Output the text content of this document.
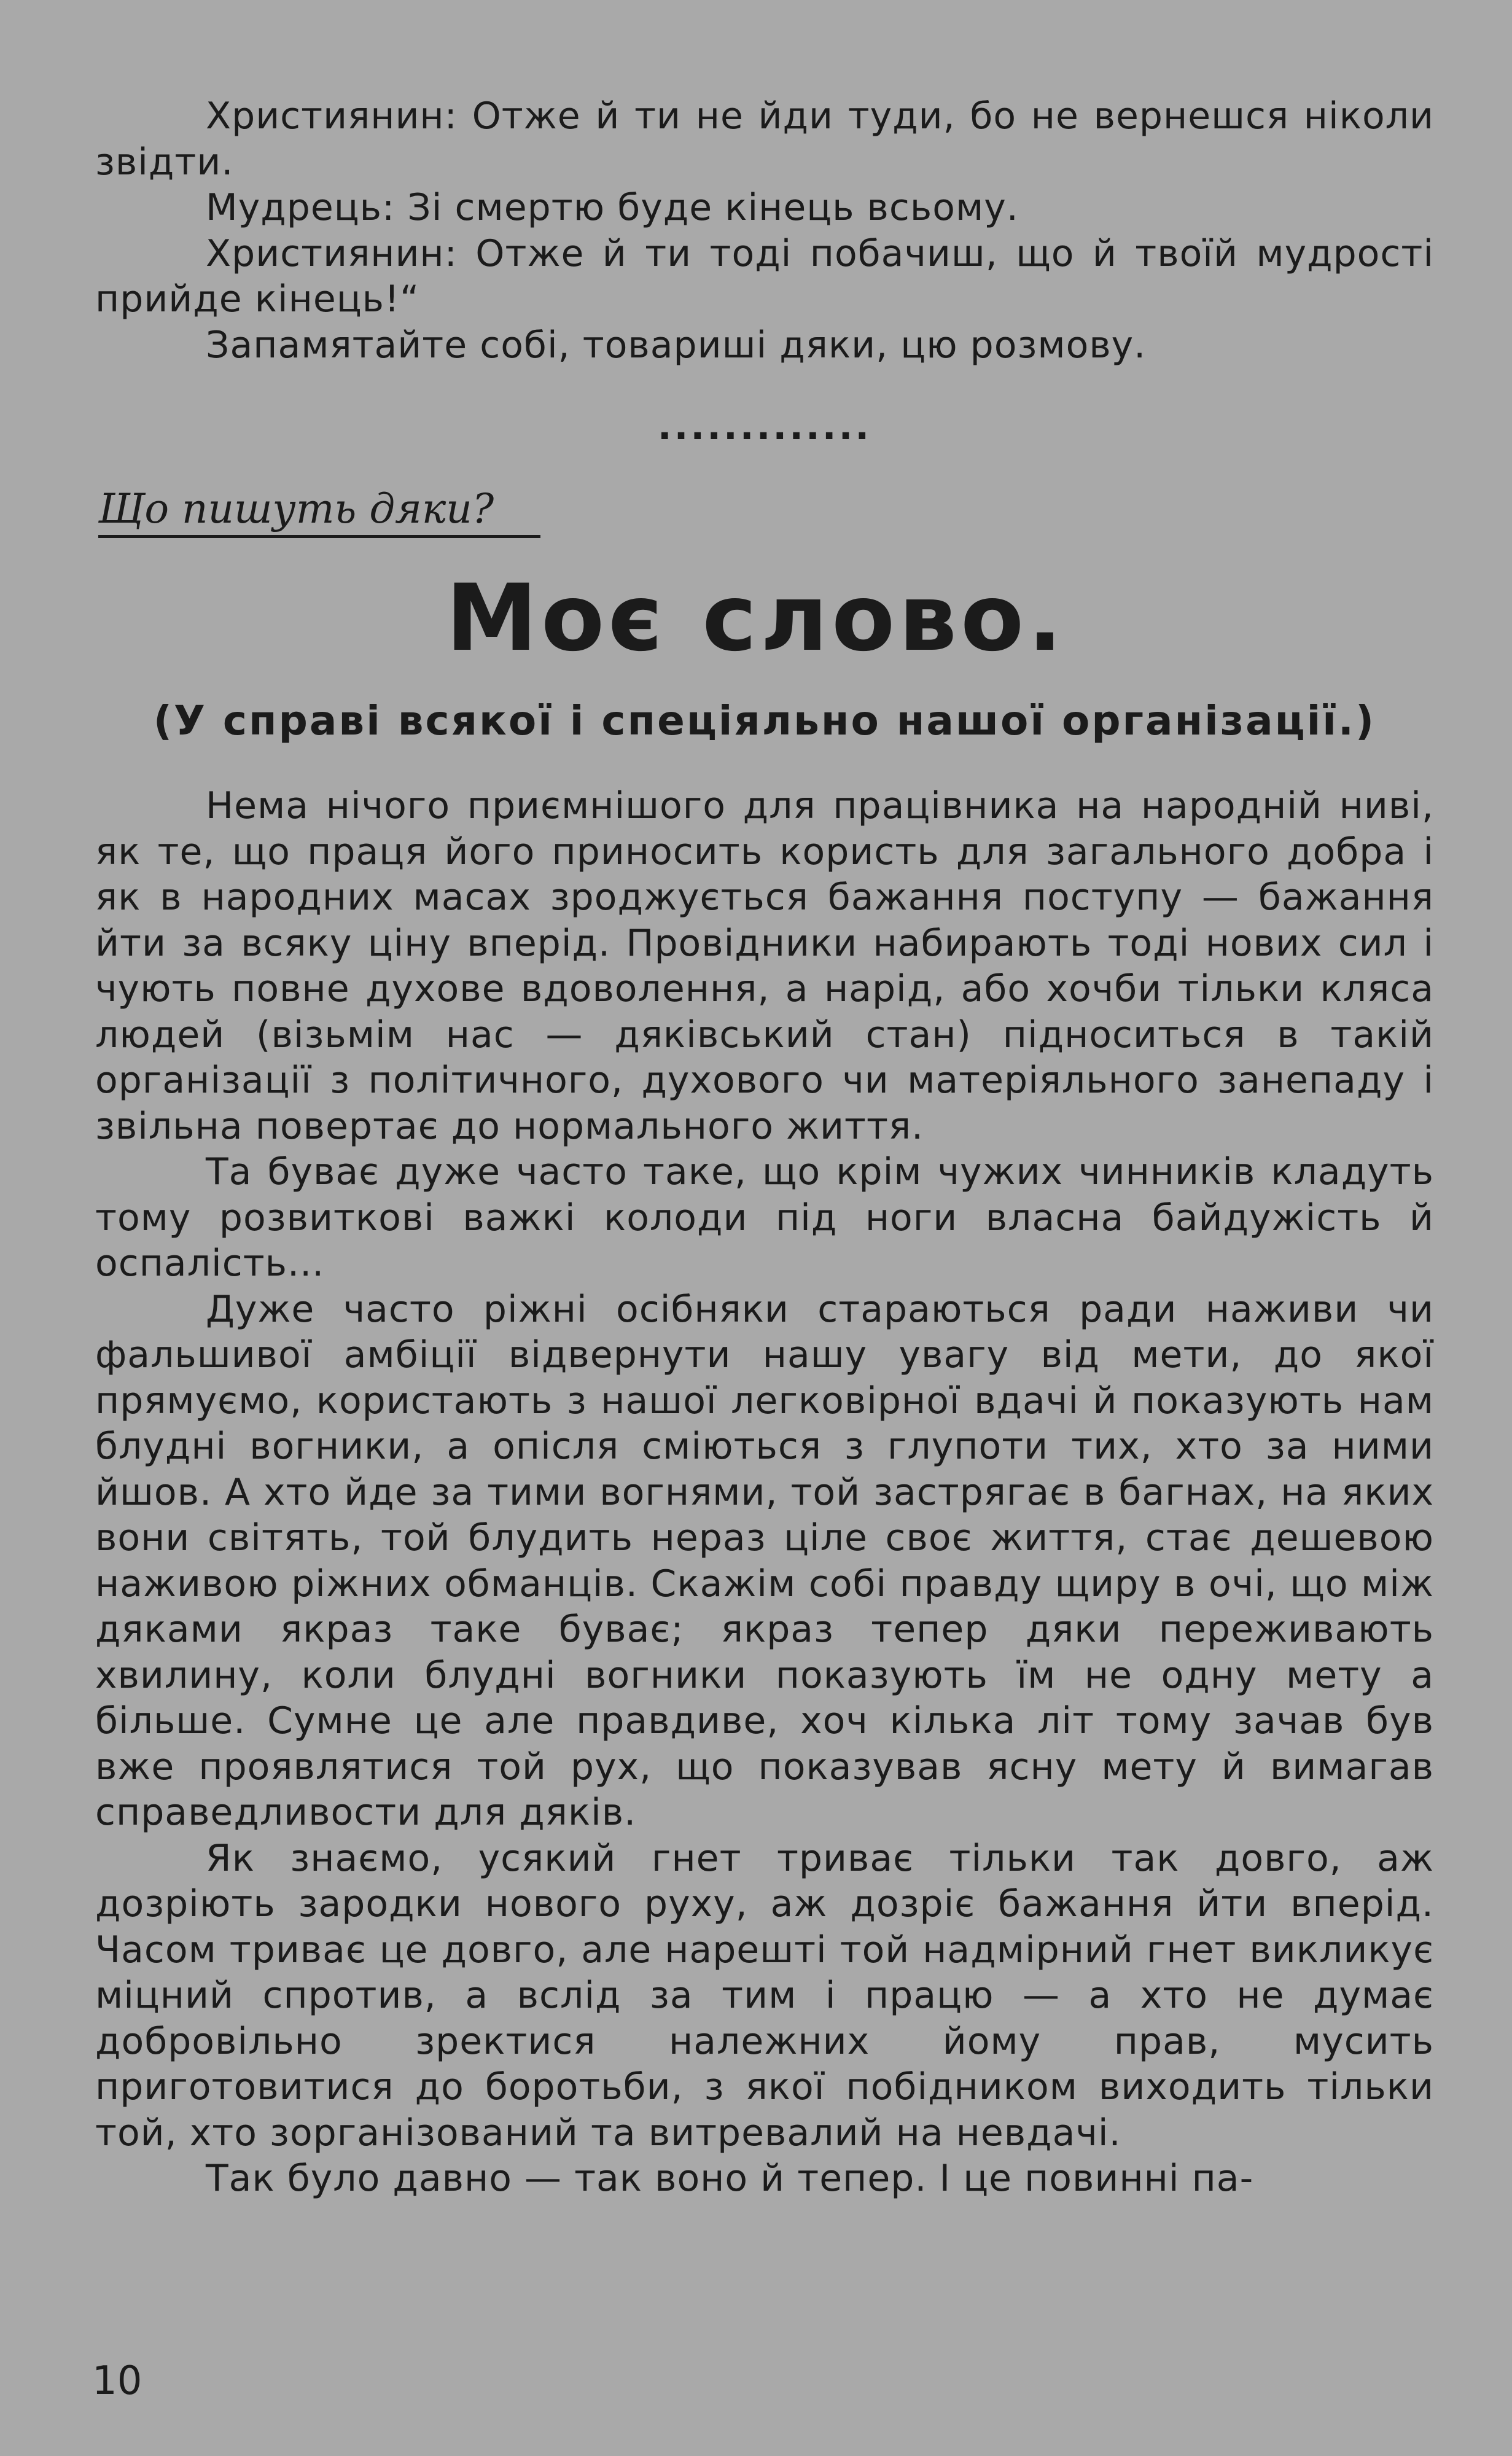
Християнин: Отже й ти не йди туди, бо не вернешся ніколи звідти.

Мудрець: Зі смертю буде кінець всьому.

Християнин: Отже й ти тоді побачиш, що й твоїй мудрості прийде кінець!“

Запамятайте собі, товариші дяки, цю розмову.

.............
Що пишуть дяки?
Моє слово.
(У справі всякої і спеціяльно нашої організації.)

Нема нічого приємнішого для працівника на народній ниві, як те, що праця його приносить користь для загального добра і як в народних масах зроджується бажання поступу — бажання йти за всяку ціну вперід. Провідники набирають тоді нових сил і чують повне духове вдоволення, а нарід, або хочби тільки кляса людей (візьмім нас — дяківський стан) підноситься в такій організації з політичного, духового чи матеріяльного занепаду і звільна повертає до нормального життя.

Та буває дуже часто таке, що крім чужих чинників кладуть тому розвиткові важкі колоди під ноги власна байдужість й оспалість...

Дуже часто ріжні осібняки стараються ради наживи чи фальшивої амбіції відвернути нашу увагу від мети, до якої прямуємо, користають з нашої легковірної вдачі й показують нам блудні вогники, а опісля сміються з глупоти тих, хто за ними йшов. А хто йде за тими вогнями, той застрягає в багнах, на яких вони світять, той блудить нераз ціле своє життя, стає дешевою наживою ріжних обманців. Скажім собі правду щиру в очі, що між дяками якраз таке буває; якраз тепер дяки переживають хвилину, коли блудні вогники показують їм не одну мету а більше. Сумне це але правдиве, хоч кілька літ тому зачав був вже проявлятися той рух, що показував ясну мету й вимагав справедливости для дяків.

Як знаємо, усякий гнет триває тільки так довго, аж дозріють зародки нового руху, аж дозріє бажання йти вперід. Часом триває це довго, але нарешті той надмірний гнет викликує міцний спротив, а вслід за тим і працю — а хто не думає добровільно зректися належних йому прав, мусить приготовитися до боротьби, з якої побідником виходить тільки той, хто зорганізований та витревалий на невдачі.

Так було давно — так воно й тепер. І це повинні па-

10
